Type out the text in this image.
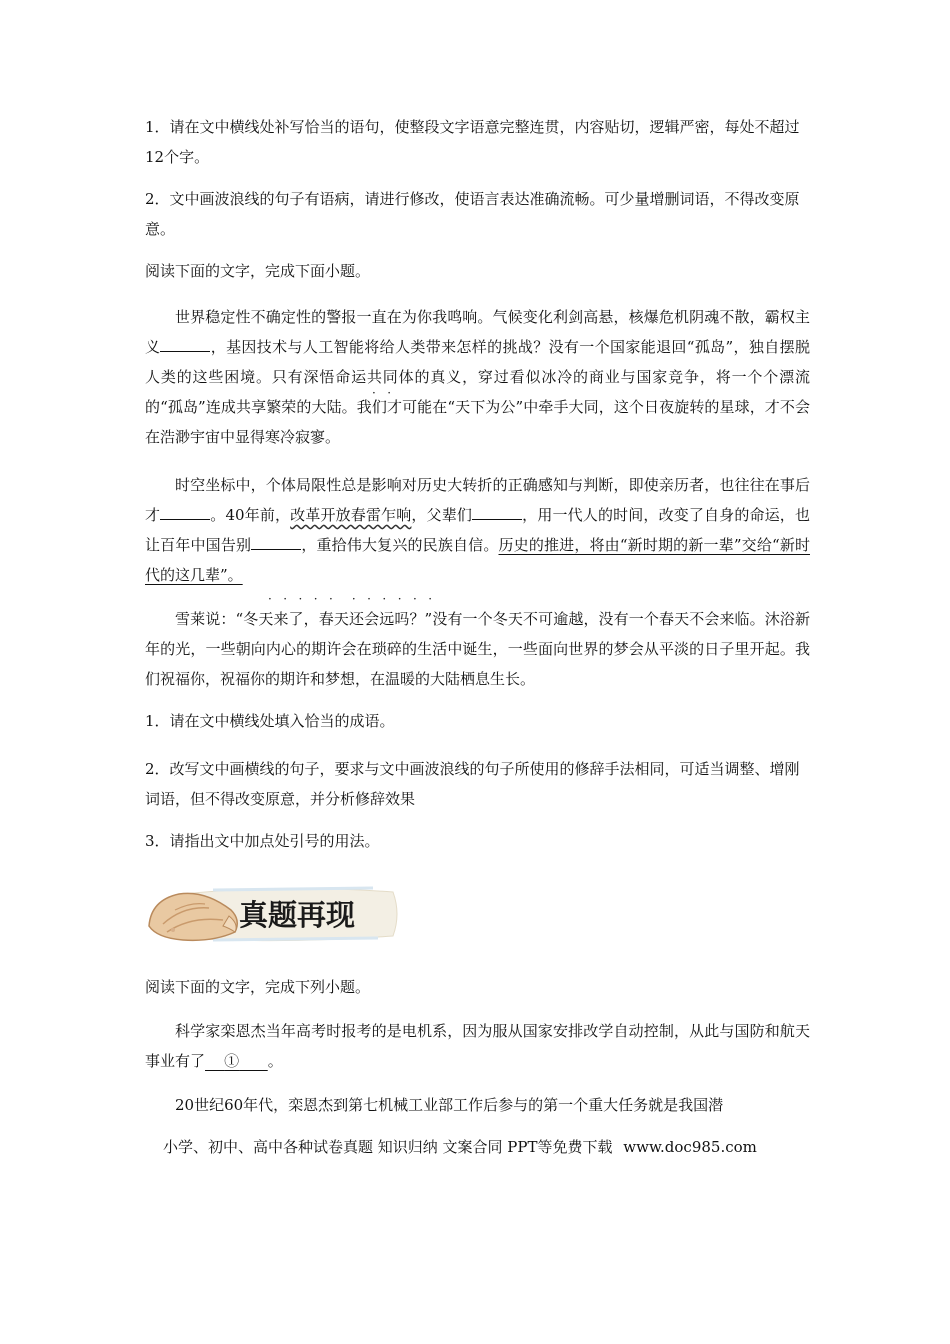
1．请在文中横线处补写恰当的语句，使整段文字语意完整连贯，内容贴切，逻辑严密，每处不超过12个字。

2．文中画波浪线的句子有语病，请进行修改，使语言表达准确流畅。可少量增删词语，不得改变原意。

阅读下面的文字，完成下面小题。

世界稳定性不确定性的警报一直在为你我鸣响。气候变化利剑高悬，核爆危机阴魂不散，霸权主义	，基因技术与人工智能将给人类带来怎样的挑战？没有一个国家能退回“孤岛”，独自摆脱人类的这些困境。只有深悟命运共同体的真义，穿过看似冰冷的商业与国家竞争，将一个个漂流的“孤岛”连成共享繁荣的大陆。我们才可能在“天下为公”中牵手大同，这个日夜旋转的星球，才不会在浩渺宇宙中显得寒冷寂寥。

·   ·

时空坐标中，个体局限性总是影响对历史大转折的正确感知与判断，即使亲历者，也往往在事后才	。40年前，改革开放春雷乍响，父辈们	，用一代人的时间，改变了自身的命运，也让百年中国告别	，重拾伟大复兴的民族自信。历史的推进，将由“新时期的新一辈”交给“新时代的这几辈”。

·   ·   ·   ·   ·     ·   ·   ·   ·   ·   ·

雪莱说：“冬天来了，春天还会远吗？”没有一个冬天不可逾越，没有一个春天不会来临。沐浴新年的光，一些朝向内心的期许会在琐碎的生活中诞生，一些面向世界的梦会从平淡的日子里开起。我们祝福你，祝福你的期许和梦想，在温暖的大陆栖息生长。

1．请在文中横线处填入恰当的成语。

2．改写文中画横线的句子，要求与文中画波浪线的句子所使用的修辞手法相同，可适当调整、增刚词语，但不得改变原意，并分析修辞效果

3．请指出文中加点处引号的用法。

真题再现

阅读下面的文字，完成下列小题。

科学家栾恩杰当年高考时报考的是电机系，因为服从国家安排改学自动控制，从此与国防和航天事业有了 ① 。

20世纪60年代，栾恩杰到第七机械工业部工作后参与的第一个重大任务就是我国潜

小学、初中、高中各种试卷真题 知识归纳 文案合同 PPT等免费下载 www.doc985.com
